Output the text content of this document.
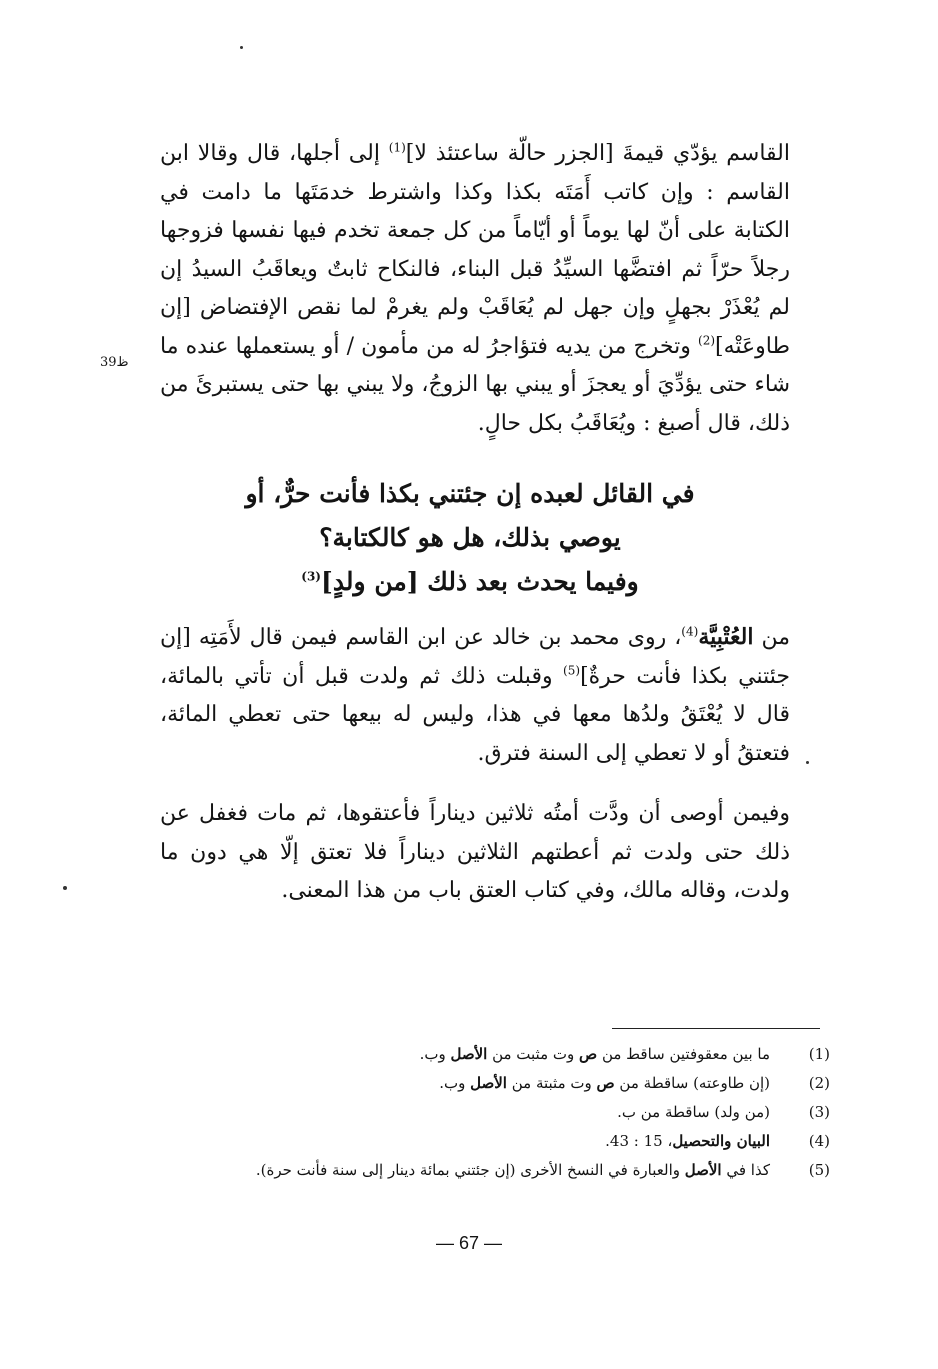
القاسم يؤدّي قيمةَ [الجزر حالّة ساعتئذ لا]$^{(1)}$ إلى أجلها، قال وقالا ابن القاسم : وإن كاتب أَمَتَه بكذا وكذا واشترط خدمَتَها ما دامت في الكتابة على أنّ لها يوماً أو أيّاماً من كل جمعة تخدم فيها نفسها فزوجها رجلاً حرّاً ثم افتضَّها السيِّدُ قبل البناء، فالنكاح ثابتٌ ويعاقَبُ السيدُ إن لم يُعْذَرْ بجهلٍ وإن جهل لم يُعَاقَبْ ولم يغرمْ لما نقص الإفتضاض [إن طاوعَتْه]$^{(2)}$ وتخرج من يديه فتؤاجرُ له من مأمون / أو يستعملها عنده ما شاء حتى يؤدِّيَ أو يعجزَ أو يبني بها الزوجُ، ولا يبني بها حتى يستبرئَ من ذلك، قال أصبغ : ويُعَاقَبُ بكل حالٍ.

39ظ
في القائل لعبده إن جئتني بكذا فأنت حرٌّ، أو
يوصي بذلك، هل هو كالكتابة؟
وفيما يحدث بعد ذلك [من ولدٍ]$^{(3)}$

من العُتْبِيَّة$^{(4)}$، روى محمد بن خالد عن ابن القاسم فيمن قال لأَمَتِه [إن جئتني بكذا فأنت حرةٌ]$^{(5)}$ وقبلت ذلك ثم ولدت قبل أن تأتي بالمائة، قال لا يُعْتَقُ ولدُها معها في هذا، وليس له بيعها حتى تعطي المائة، فتعتقُ أو لا تعطي إلى السنة فترق.

وفيمن أوصى أن ودَّت أمتُه ثلاثين ديناراً فأعتقوها، ثم مات فغفل عن ذلك حتى ولدت ثم أعطتهم الثلاثين ديناراً فلا تعتق إلّا هي دون ما ولدت، وقاله مالك، وفي كتاب العتق باب من هذا المعنى.

(1)
ما بين معقوفتين ساقط من ص وت مثبت من الأصل وب.
(2)
(إن طاوعته) ساقطة من ص وت مثبتة من الأصل وب.
(3)
(من ولد) ساقطة من ب.
(4)
البيان والتحصيل، 15 : 43.
(5)
كذا في الأصل والعبارة في النسخ الأخرى (إن جئتني بمائة دينار إلى سنة فأنت حرة).
— 67 —
